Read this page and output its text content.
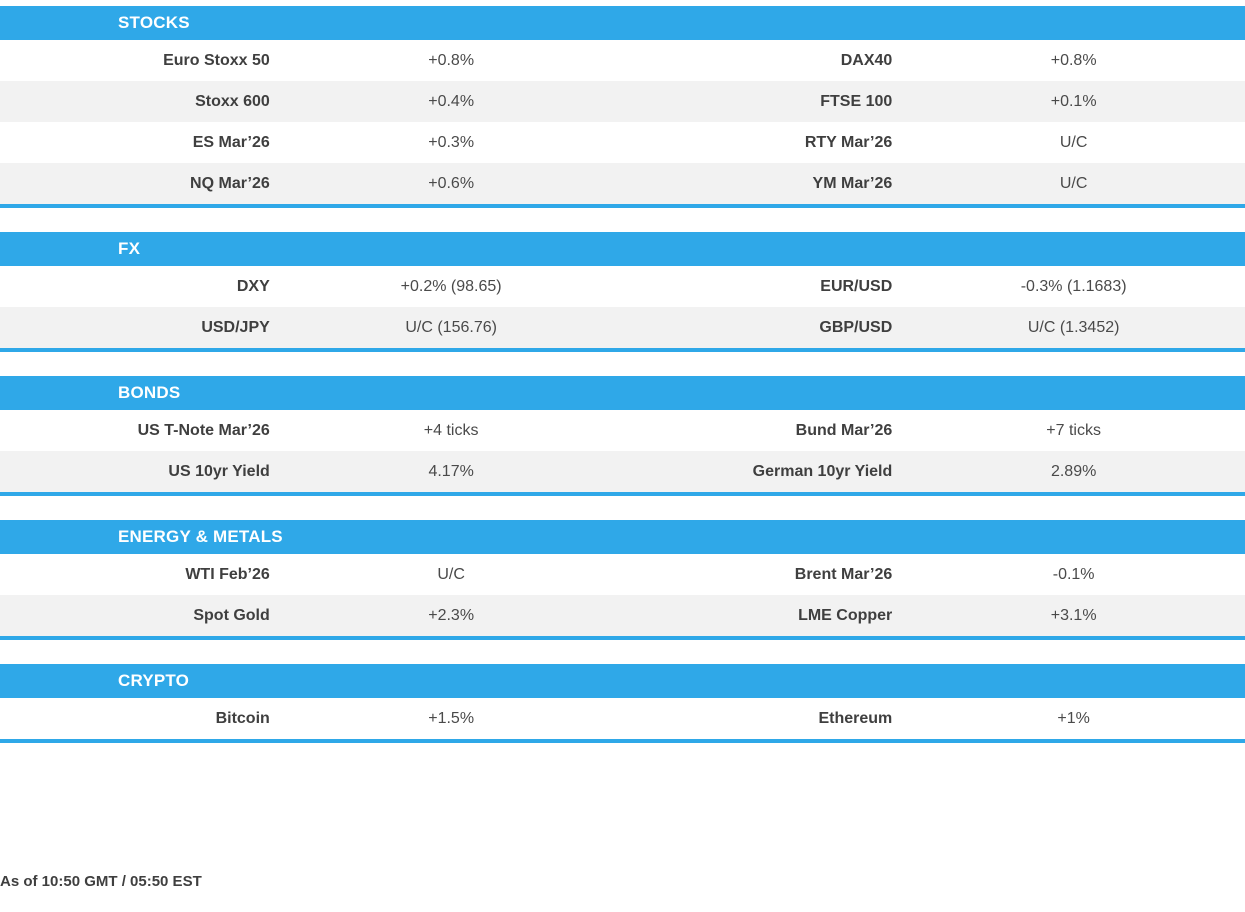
STOCKS
Euro Stoxx 50	+0.8%	DAX40	+0.8%
Stoxx 600	+0.4%	FTSE 100	+0.1%
ES Mar’26	+0.3%	RTY Mar’26	U/C
NQ Mar’26	+0.6%	YM Mar’26	U/C
FX
DXY	+0.2% (98.65)	EUR/USD	-0.3% (1.1683)
USD/JPY	U/C (156.76)	GBP/USD	U/C (1.3452)
BONDS
US T-Note Mar’26	+4 ticks	Bund Mar’26	+7 ticks
US 10yr Yield	4.17%	German 10yr Yield	2.89%
ENERGY & METALS
WTI Feb’26	U/C	Brent Mar’26	-0.1%
Spot Gold	+2.3%	LME Copper	+3.1%
CRYPTO
Bitcoin	+1.5%	Ethereum	+1%
As of 10:50 GMT / 05:50 EST
